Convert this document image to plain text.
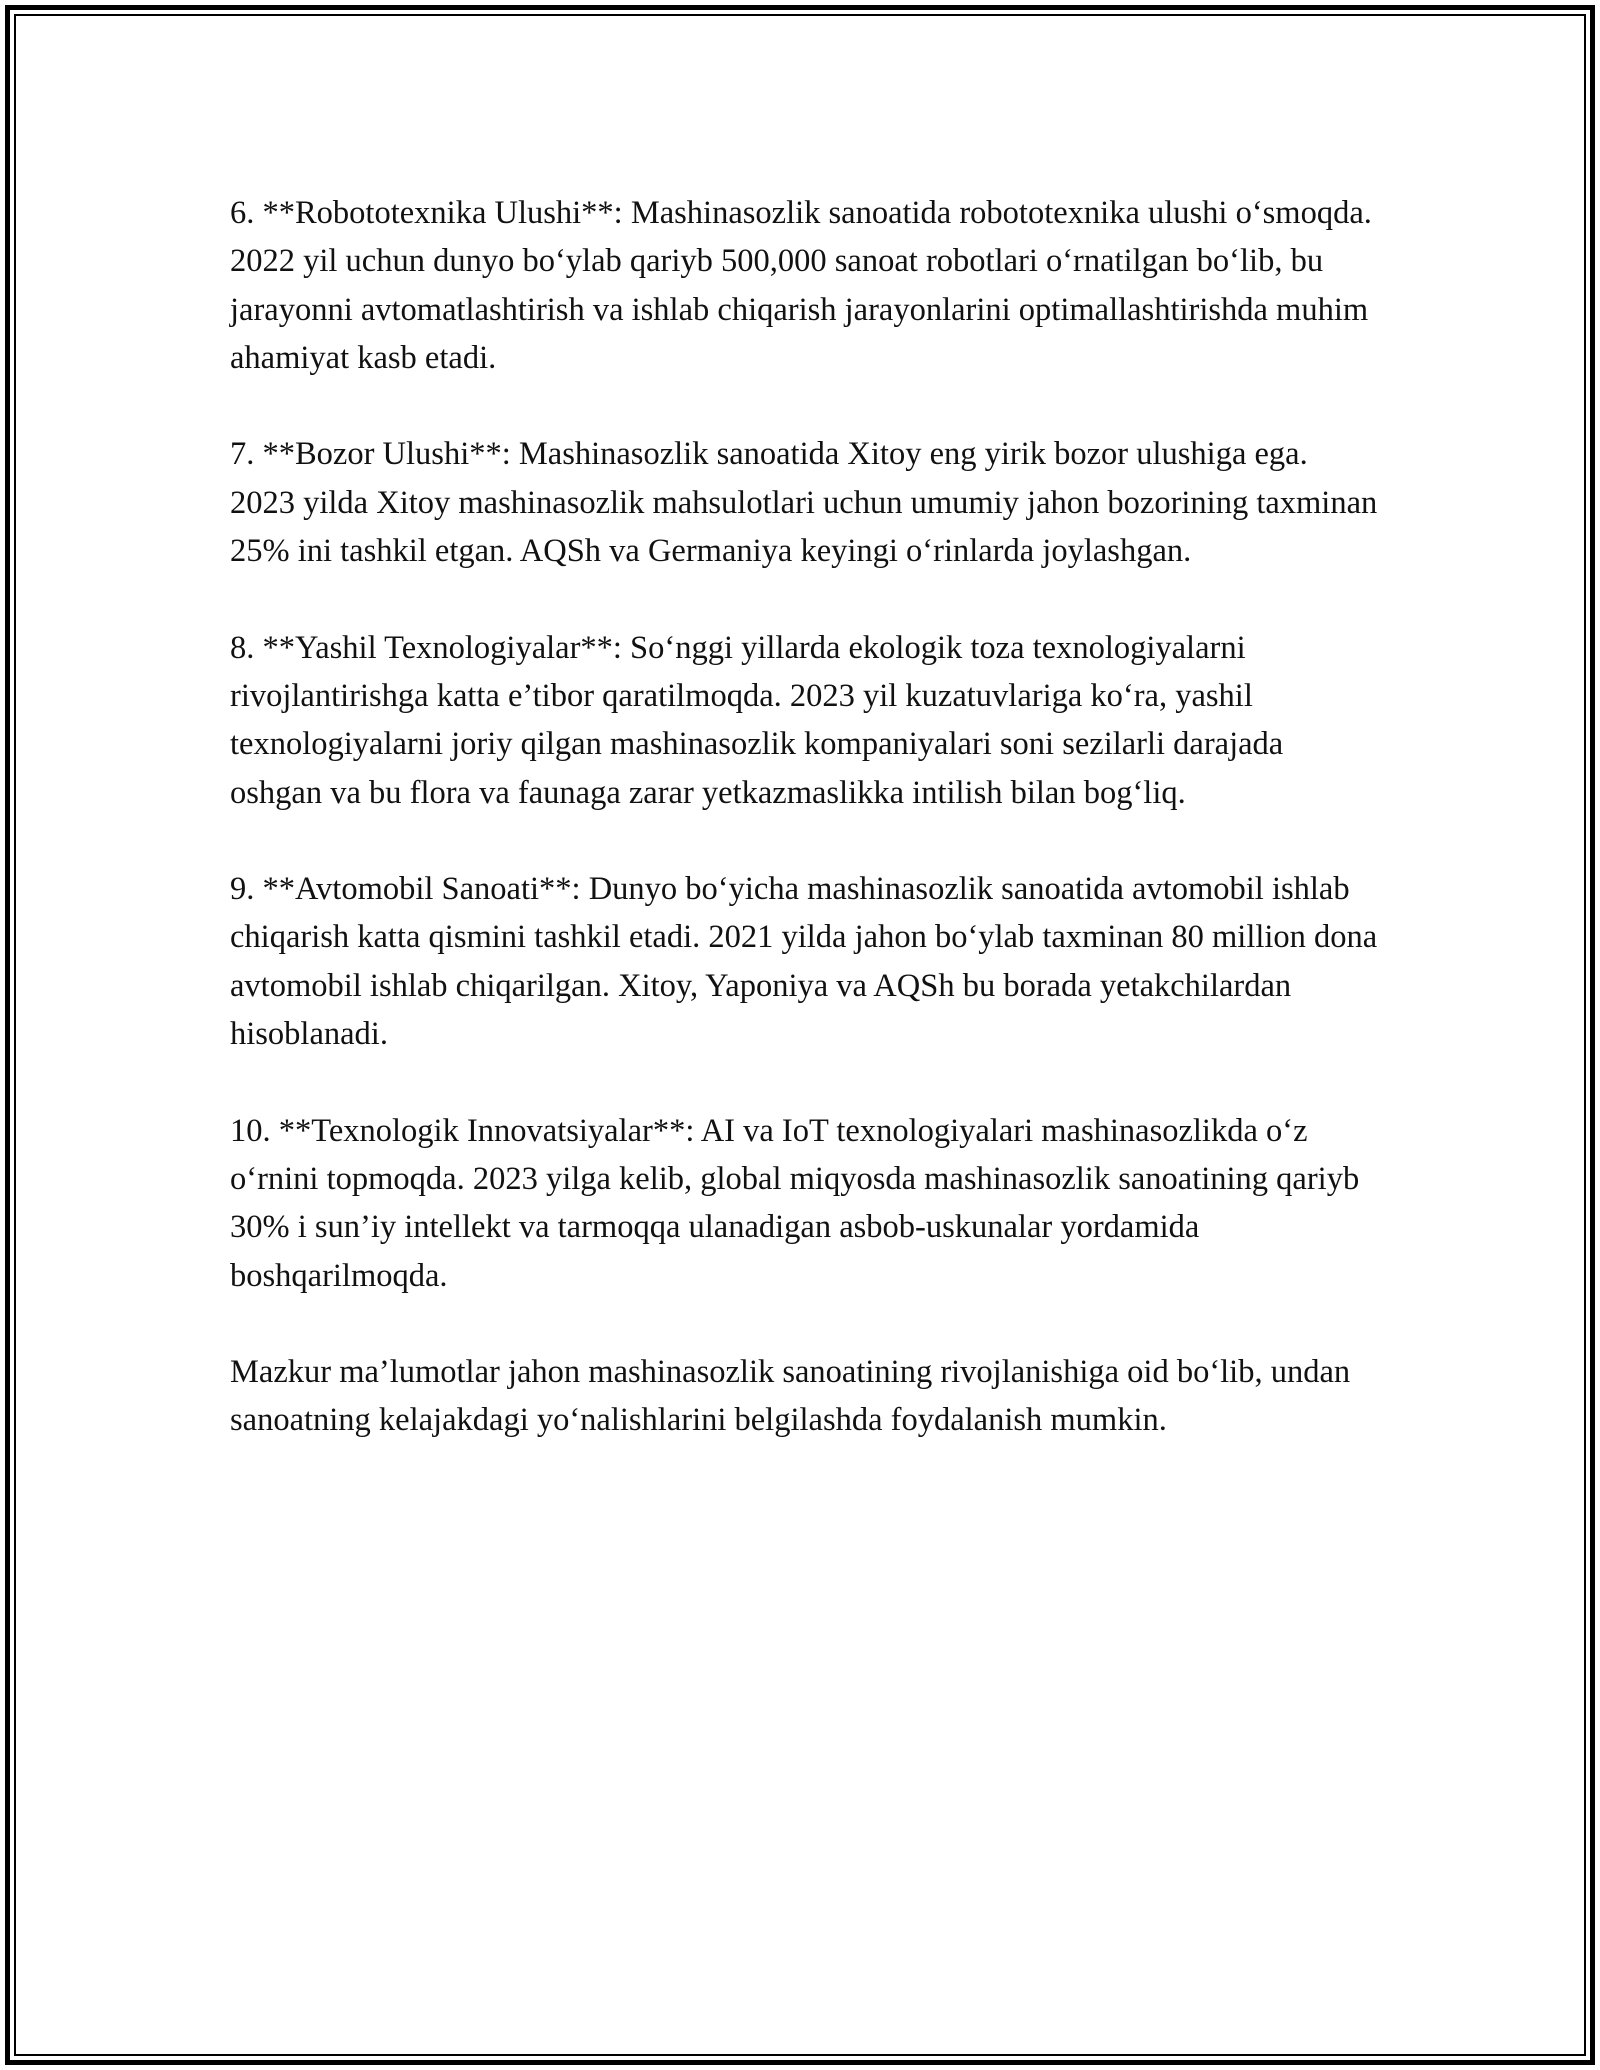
6. **Robototexnika Ulushi**: Mashinasozlik sanoatida robototexnika ulushi o‘smoqda. 2022 yil uchun dunyo bo‘ylab qariyb 500,000 sanoat robotlari o‘rnatilgan bo‘lib, bu jarayonni avtomatlashtirish va ishlab chiqarish jarayonlarini optimallashtirishda muhim ahamiyat kasb etadi.

7. **Bozor Ulushi**: Mashinasozlik sanoatida Xitoy eng yirik bozor ulushiga ega. 2023 yilda Xitoy mashinasozlik mahsulotlari uchun umumiy jahon bozorining taxminan 25% ini tashkil etgan. AQSh va Germaniya keyingi o‘rinlarda joylashgan.

8. **Yashil Texnologiyalar**: So‘nggi yillarda ekologik toza texnologiyalarni rivojlantirishga katta e’tibor qaratilmoqda. 2023 yil kuzatuvlariga ko‘ra, yashil texnologiyalarni joriy qilgan mashinasozlik kompaniyalari soni sezilarli darajada oshgan va bu flora va faunaga zarar yetkazmaslikka intilish bilan bog‘liq.

9. **Avtomobil Sanoati**: Dunyo bo‘yicha mashinasozlik sanoatida avtomobil ishlab chiqarish katta qismini tashkil etadi. 2021 yilda jahon bo‘ylab taxminan 80 million dona avtomobil ishlab chiqarilgan. Xitoy, Yaponiya va AQSh bu borada yetakchilardan hisoblanadi.

10. **Texnologik Innovatsiyalar**: AI va IoT texnologiyalari mashinasozlikda o‘z o‘rnini topmoqda. 2023 yilga kelib, global miqyosda mashinasozlik sanoatining qariyb 30% i sun’iy intellekt va tarmoqqa ulanadigan asbob-uskunalar yordamida boshqarilmoqda.

Mazkur ma’lumotlar jahon mashinasozlik sanoatining rivojlanishiga oid bo‘lib, undan sanoatning kelajakdagi yo‘nalishlarini belgilashda foydalanish mumkin.
